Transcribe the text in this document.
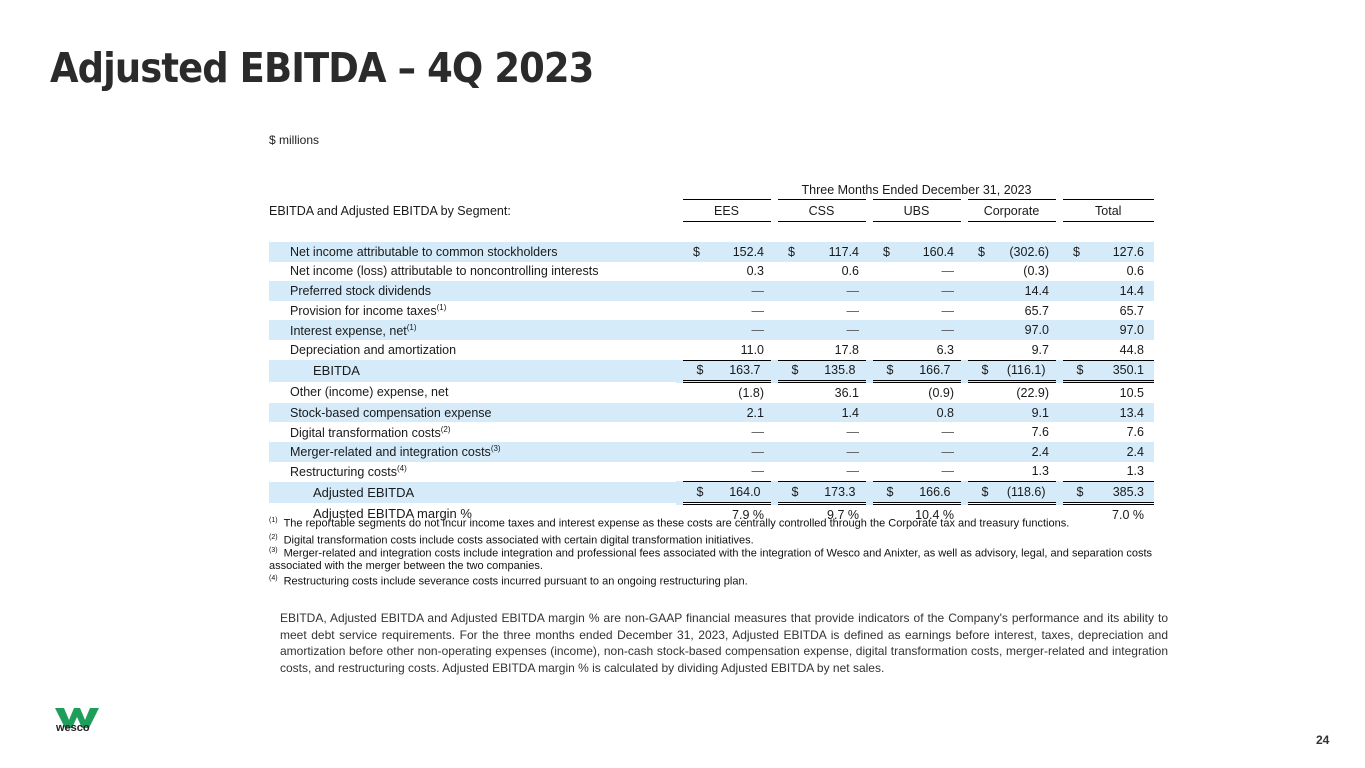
Adjusted EBITDA – 4Q 2023
$ millions
	Three Months Ended December 31, 2023				
EBITDA and Adjusted EBITDA by Segment:	EES	CSS	UBS	Corporate	Total

Net income attributable to common stockholders	$ 152.4	$ 117.4	$ 160.4	$ (302.6)	$ 127.6

Net income (loss) attributable to noncontrolling interests	0.3	0.6	—	(0.3)	0.6

Preferred stock dividends	—	—	—	14.4	14.4

Provision for income taxes$^{(1)}$	—	—	—	65.7	65.7

Interest expense, net$^{(1)}$	—	—	—	97.0	97.0

Depreciation and amortization	11.0	17.8	6.3	9.7	44.8

EBITDA	$ 163.7	$ 135.8	$ 166.7	$ (116.1)	$ 350.1

Other (income) expense, net	(1.8)	36.1	(0.9)	(22.9)	10.5

Stock-based compensation expense	2.1	1.4	0.8	9.1	13.4

Digital transformation costs$^{(2)}$	—	—	—	7.6	7.6

Merger-related and integration costs$^{(3)}$	—	—	—	2.4	2.4

Restructuring costs$^{(4)}$	—	—	—	1.3	1.3

Adjusted EBITDA	$ 164.0	$ 173.3	$ 166.6	$ (118.6)	$ 385.3

Adjusted EBITDA margin %	7.9 %	9.7 %	10.4 %		7.0 %
$^{(1)}$ The reportable segments do not incur income taxes and interest expense as these costs are centrally controlled through the Corporate tax and treasury functions.
$^{(2)}$ Digital transformation costs include costs associated with certain digital transformation initiatives.
$^{(3)}$ Merger-related and integration costs include integration and professional fees associated with the integration of Wesco and Anixter, as well as advisory, legal, and separation costs associated with the merger between the two companies.
$^{(4)}$ Restructuring costs include severance costs incurred pursuant to an ongoing restructuring plan.
EBITDA, Adjusted EBITDA and Adjusted EBITDA margin % are non-GAAP financial measures that provide indicators of the Company's performance and its ability to meet debt service requirements. For the three months ended December 31, 2023, Adjusted EBITDA is defined as earnings before interest, taxes, depreciation and amortization before other non-operating expenses (income), non-cash stock-based compensation expense, digital transformation costs, merger-related and integration costs, and restructuring costs. Adjusted EBITDA margin % is calculated by dividing Adjusted EBITDA by net sales.
wesco
24
